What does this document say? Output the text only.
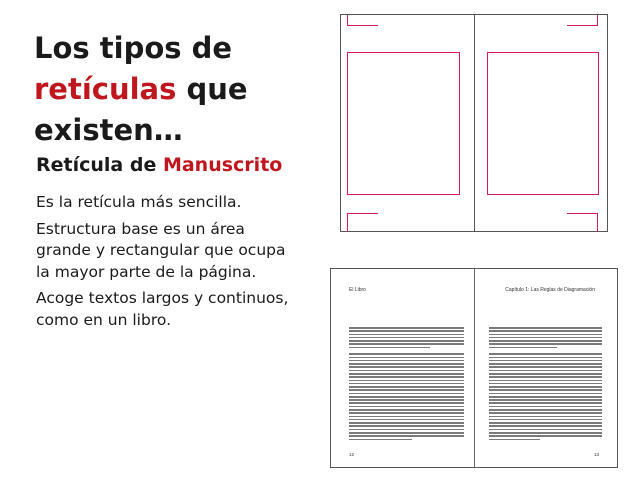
Los tipos de
retículas que
existen…
Retícula de Manuscrito

Es la retícula más sencilla.

Estructura base es un área grande y rectangular que ocupa la mayor parte de la página.

Acoge textos largos y continuos, como en un libro.

El Libro	Capítulo 1: Las Reglas de Diagramación
12	13
